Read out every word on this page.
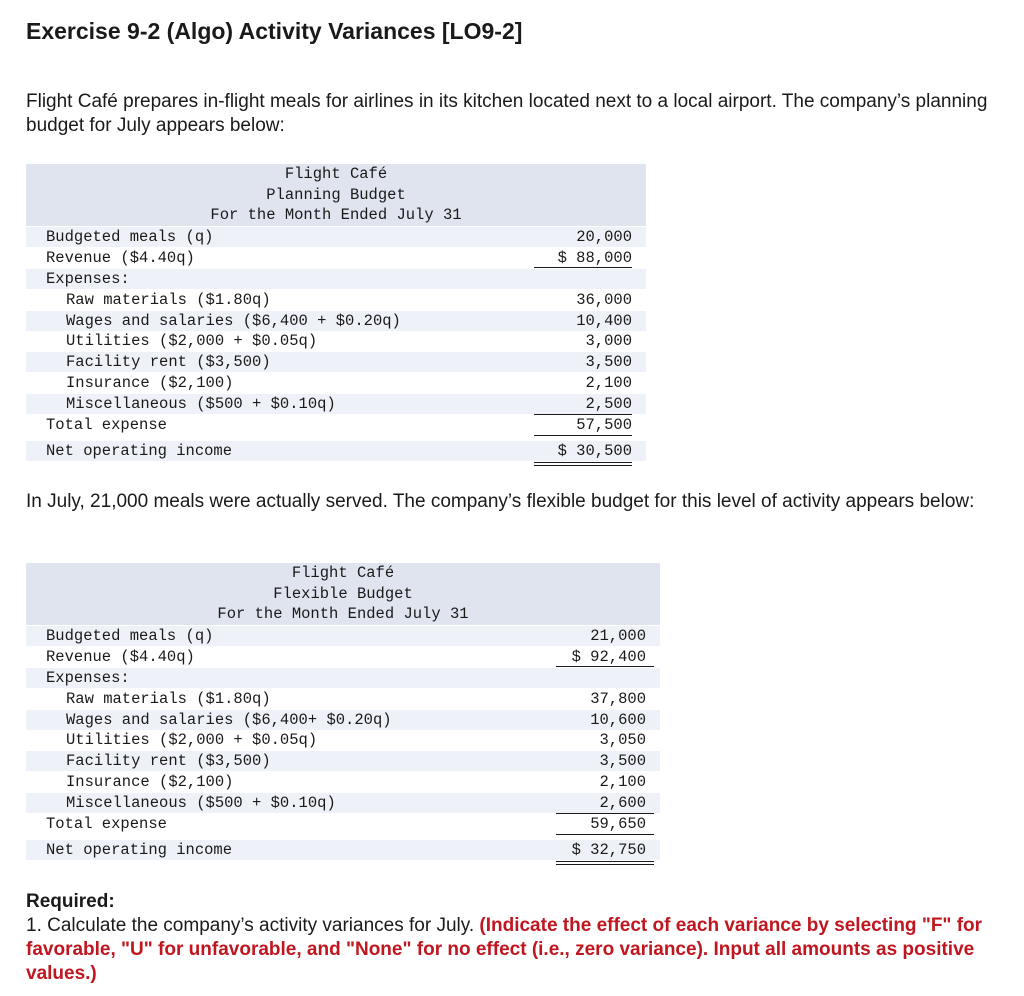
Exercise 9-2 (Algo) Activity Variances [LO9-2]
Flight Café prepares in-flight meals for airlines in its kitchen located next to a local airport. The company’s planning budget for July appears below:
Flight Café
Planning Budget
For the Month Ended July 31
Budgeted meals (q)	20,000
Revenue ($4.40q)	$ 88,000
Expenses:
Raw materials ($1.80q)	36,000
Wages and salaries ($6,400 + $0.20q)	10,400
Utilities ($2,000 + $0.05q)	3,000
Facility rent ($3,500)	3,500
Insurance ($2,100)	2,100
Miscellaneous ($500 + $0.10q)	2,500
Total expense	57,500
Net operating income	$ 30,500
In July, 21,000 meals were actually served. The company’s flexible budget for this level of activity appears below:
Flight Café
Flexible Budget
For the Month Ended July 31
Budgeted meals (q)	21,000
Revenue ($4.40q)	$ 92,400
Expenses:
Raw materials ($1.80q)	37,800
Wages and salaries ($6,400+ $0.20q)	10,600
Utilities ($2,000 + $0.05q)	3,050
Facility rent ($3,500)	3,500
Insurance ($2,100)	2,100
Miscellaneous ($500 + $0.10q)	2,600
Total expense	59,650
Net operating income	$ 32,750
Required:
1. Calculate the company’s activity variances for July. (Indicate the effect of each variance by selecting "F" for favorable, "U" for unfavorable, and "None" for no effect (i.e., zero variance). Input all amounts as positive values.)
